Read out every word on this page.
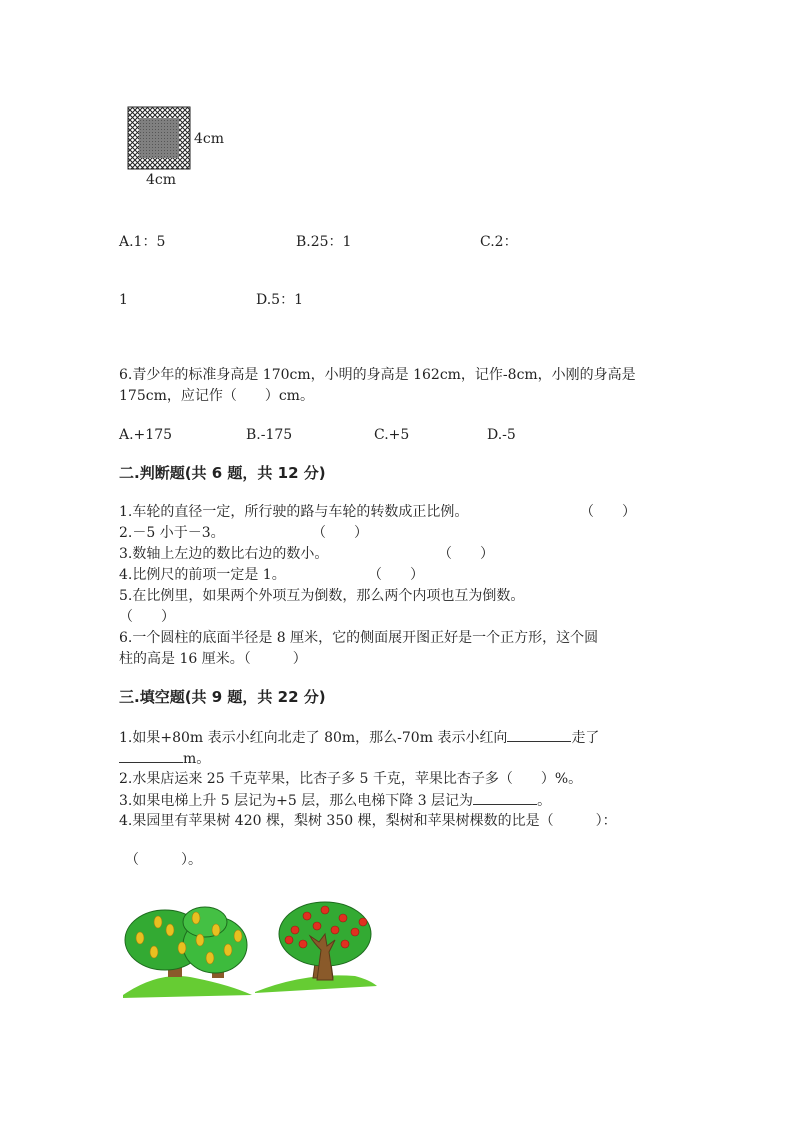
4cm
4cm
A.1：5	B.25：1	C.2：
1	D.5：1
6.青少年的标准身高是 170cm，小明的身高是 162cm，记作-8cm，小刚的身高是
175cm，应记作（　　）cm。
A.+175	B.-175	C.+5	D.-5
二.判断题(共 6 题，共 12 分)
1.车轮的直径一定，所行驶的路与车轮的转数成正比例。	（　　）
2.－5 小于－3。	（　　）
3.数轴上左边的数比右边的数小。	（　　）
4.比例尺的前项一定是 1。	（　　）
5.在比例里，如果两个外项互为倒数，那么两个内项也互为倒数。
（　　）
6.一个圆柱的底面半径是 8 厘米，它的侧面展开图正好是一个正方形，这个圆
柱的高是 16 厘米。（　　　）
三.填空题(共 9 题，共 22 分)
1.如果+80m 表示小红向北走了 80m，那么-70m 表示小红向	走了
m。
2.水果店运来 25 千克苹果，比杏子多 5 千克，苹果比杏子多（　　）%。
3.如果电梯上升 5 层记为+5 层，那么电梯下降 3 层记为	。
4.果园里有苹果树 420 棵，梨树 350 棵，梨树和苹果树棵数的比是（　　　）：
（　　　）。
